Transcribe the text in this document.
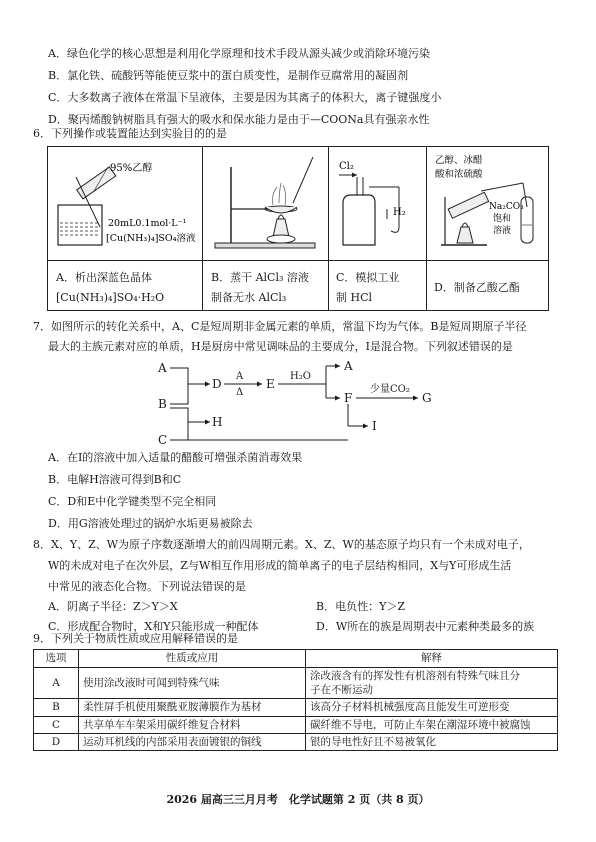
A．绿色化学的核心思想是利用化学原理和技术手段从源头减少或消除环境污染
B．氯化铁、硫酸钙等能使豆浆中的蛋白质变性，是制作豆腐常用的凝固剂
C．大多数离子液体在常温下呈液体，主要是因为其离子的体积大，离子键强度小
D．聚丙烯酸钠树脂具有强大的吸水和保水能力是由于—COONa具有强亲水性
6．下列操作或装置能达到实验目的的是
95%乙醇
20mL0.1mol·L⁻¹
[Cu(NH₃)₄]SO₄溶液
Cl₂
H₂
乙醇、冰醋
酸和浓硫酸
Na₂CO₃
饱和
溶液
A．析出深蓝色晶体
[Cu(NH₃)₄]SO₄·H₂O
B．蒸干 AlCl₃ 溶液
制备无水 AlCl₃
C．模拟工业
制 HCl
D．制备乙酸乙酯
7．如图所示的转化关系中，A、C是短周期非金属元素的单质，常温下均为气体。B是短周期原子半径
最大的主族元素对应的单质，H是厨房中常见调味品的主要成分，I是混合物。下列叙述错误的是
A
B
C
D	E
A
F	G
H	I
A
Δ
H₂O
少量CO₂
A．在I的溶液中加入适量的醋酸可增强杀菌消毒效果
B．电解H溶液可得到B和C
C．D和E中化学键类型不完全相同
D．用G溶液处理过的锅炉水垢更易被除去
8．X、Y、Z、W为原子序数逐渐增大的前四周期元素。X、Z、W的基态原子均只有一个未成对电子，
W的未成对电子在次外层，Z与W相互作用形成的简单离子的电子层结构相同，X与Y可形成生活
中常见的液态化合物。下列说法错误的是
A．阴离子半径：Z＞Y＞X	B．电负性：Y＞Z
C．形成配合物时，X和Y只能形成一种配体	D．W所在的族是周期表中元素种类最多的族
9．下列关于物质性质或应用解释错误的是
选项	性质或应用	解释
A	使用涂改液时可闻到特殊气味	涂改液含有的挥发性有机溶剂有特殊气味且分
子在不断运动

B	柔性屏手机使用聚酰亚胺薄膜作为基材	该高分子材料机械强度高且能发生可逆形变
C	共享单车车架采用碳纤维复合材料	碳纤维不导电，可防止车架在潮湿环境中被腐蚀
D	运动耳机线的内部采用表面镀银的铜线	银的导电性好且不易被氧化
2026 届高三三月月考　化学试题第 2 页（共 8 页）
